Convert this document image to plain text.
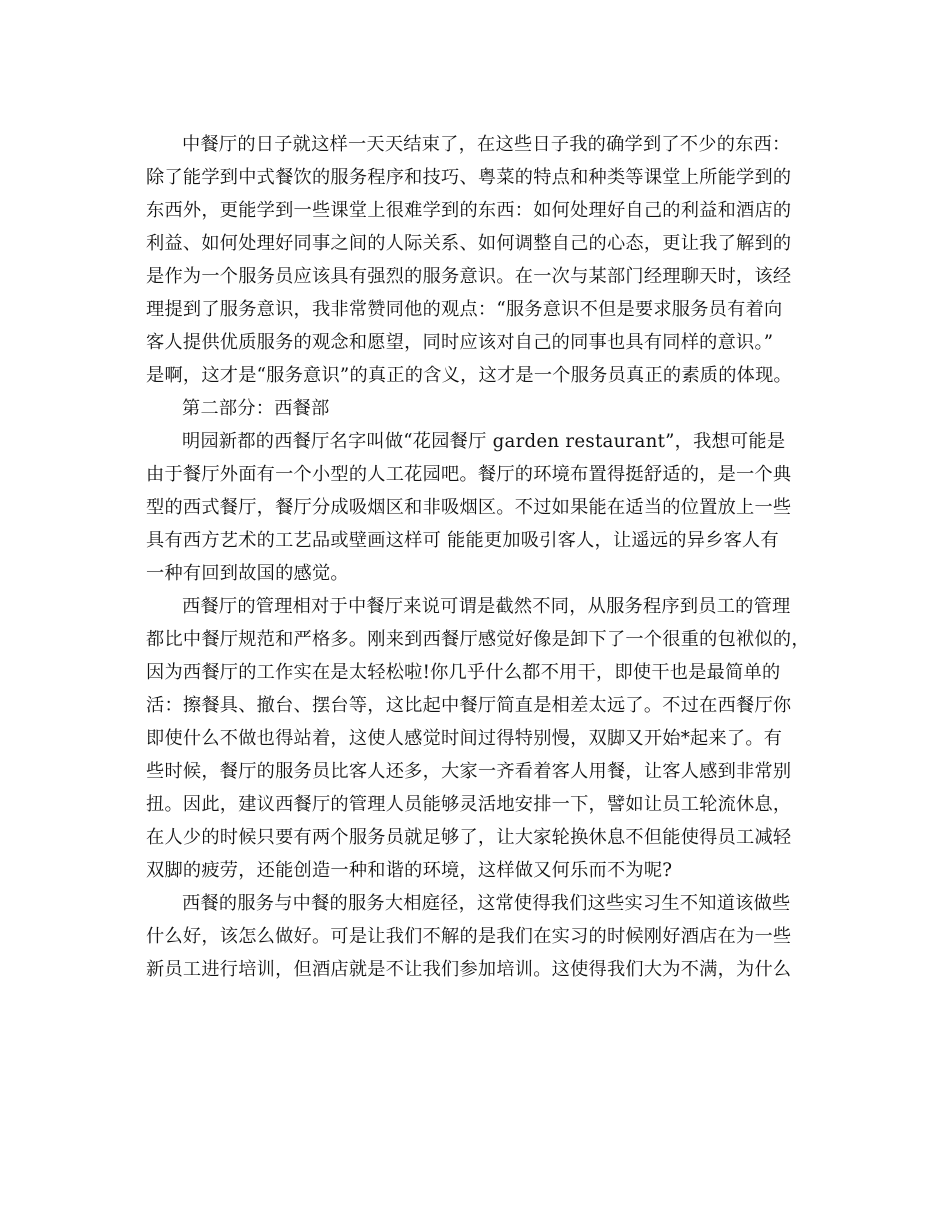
中餐厅的日子就这样一天天结束了，在这些日子我的确学到了不少的东西：
除了能学到中式餐饮的服务程序和技巧、粤菜的特点和种类等课堂上所能学到的
东西外，更能学到一些课堂上很难学到的东西：如何处理好自己的利益和酒店的
利益、如何处理好同事之间的人际关系、如何调整自己的心态，更让我了解到的
是作为一个服务员应该具有强烈的服务意识。在一次与某部门经理聊天时，该经
理提到了服务意识，我非常赞同他的观点：“服务意识不但是要求服务员有着向
客人提供优质服务的观念和愿望，同时应该对自己的同事也具有同样的意识。”
是啊，这才是“服务意识”的真正的含义，这才是一个服务员真正的素质的体现。
第二部分：西餐部
明园新都的西餐厅名字叫做“花园餐厅 garden restaurant”，我想可能是
由于餐厅外面有一个小型的人工花园吧。餐厅的环境布置得挺舒适的，是一个典
型的西式餐厅，餐厅分成吸烟区和非吸烟区。不过如果能在适当的位置放上一些
具有西方艺术的工艺品或壁画这样可 能能更加吸引客人，让遥远的异乡客人有
一种有回到故国的感觉。
西餐厅的管理相对于中餐厅来说可谓是截然不同，从服务程序到员工的管理
都比中餐厅规范和严格多。刚来到西餐厅感觉好像是卸下了一个很重的包袱似的，
因为西餐厅的工作实在是太轻松啦!你几乎什么都不用干，即使干也是最简单的
活：擦餐具、撤台、摆台等，这比起中餐厅简直是相差太远了。不过在西餐厅你
即使什么不做也得站着，这使人感觉时间过得特别慢，双脚又开始*起来了。有
些时候，餐厅的服务员比客人还多，大家一齐看着客人用餐，让客人感到非常别
扭。因此，建议西餐厅的管理人员能够灵活地安排一下，譬如让员工轮流休息，
在人少的时候只要有两个服务员就足够了，让大家轮换休息不但能使得员工减轻
双脚的疲劳，还能创造一种和谐的环境，这样做又何乐而不为呢?
西餐的服务与中餐的服务大相庭径，这常使得我们这些实习生不知道该做些
什么好，该怎么做好。可是让我们不解的是我们在实习的时候刚好酒店在为一些
新员工进行培训，但酒店就是不让我们参加培训。这使得我们大为不满，为什么
